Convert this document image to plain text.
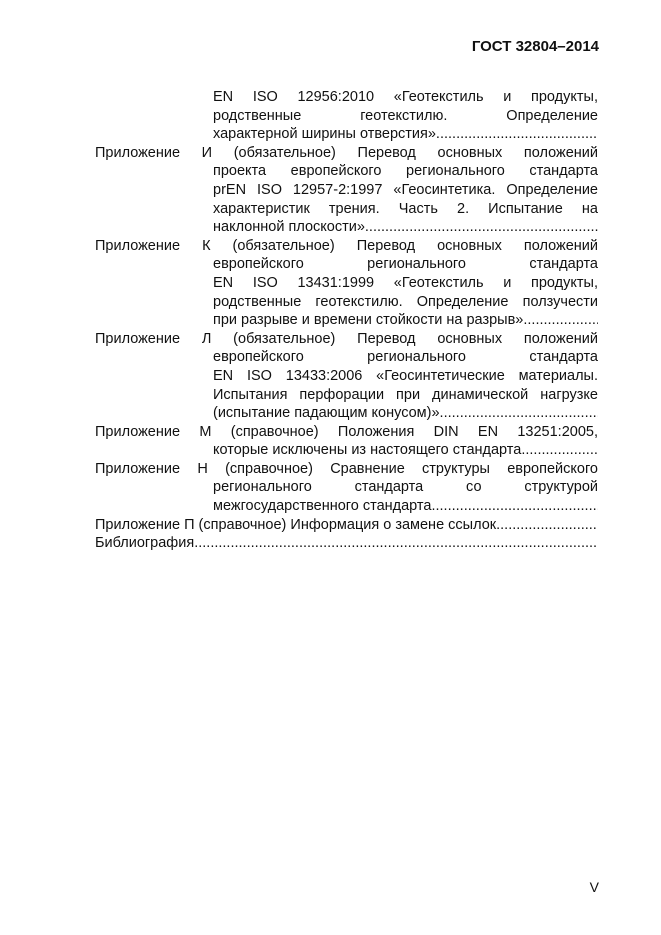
ГОСТ 32804–2014
EN ISO 12956:2010 «Геотекстиль и продукты,
родственные геотекстилю. Определение
характерной ширины отверстия»
.....
Приложение И (обязательное) Перевод основных положений
проекта европейского регионального стандарта
prEN ISO 12957-2:1997 «Геосинтетика. Определение
характеристик трения. Часть 2. Испытание на
наклонной плоскости»
.....
Приложение К (обязательное) Перевод основных положений
европейского регионального стандарта
EN ISO 13431:1999 «Геотекстиль и продукты,
родственные геотекстилю. Определение ползучести
при разрыве и времени стойкости на разрыв»
.....
Приложение Л (обязательное) Перевод основных положений
европейского регионального стандарта
EN ISO 13433:2006 «Геосинтетические материалы.
Испытания перфорации при динамической нагрузке
(испытание падающим конусом)»
.....
Приложение М (справочное) Положения DIN EN 13251:2005,
которые исключены из настоящего стандарта
.....
Приложение Н (справочное) Сравнение структуры европейского
регионального стандарта со структурой
межгосударственного стандарта
.....
Приложение П (справочное) Информация о замене ссылок
.....
Библиография
.....
V
